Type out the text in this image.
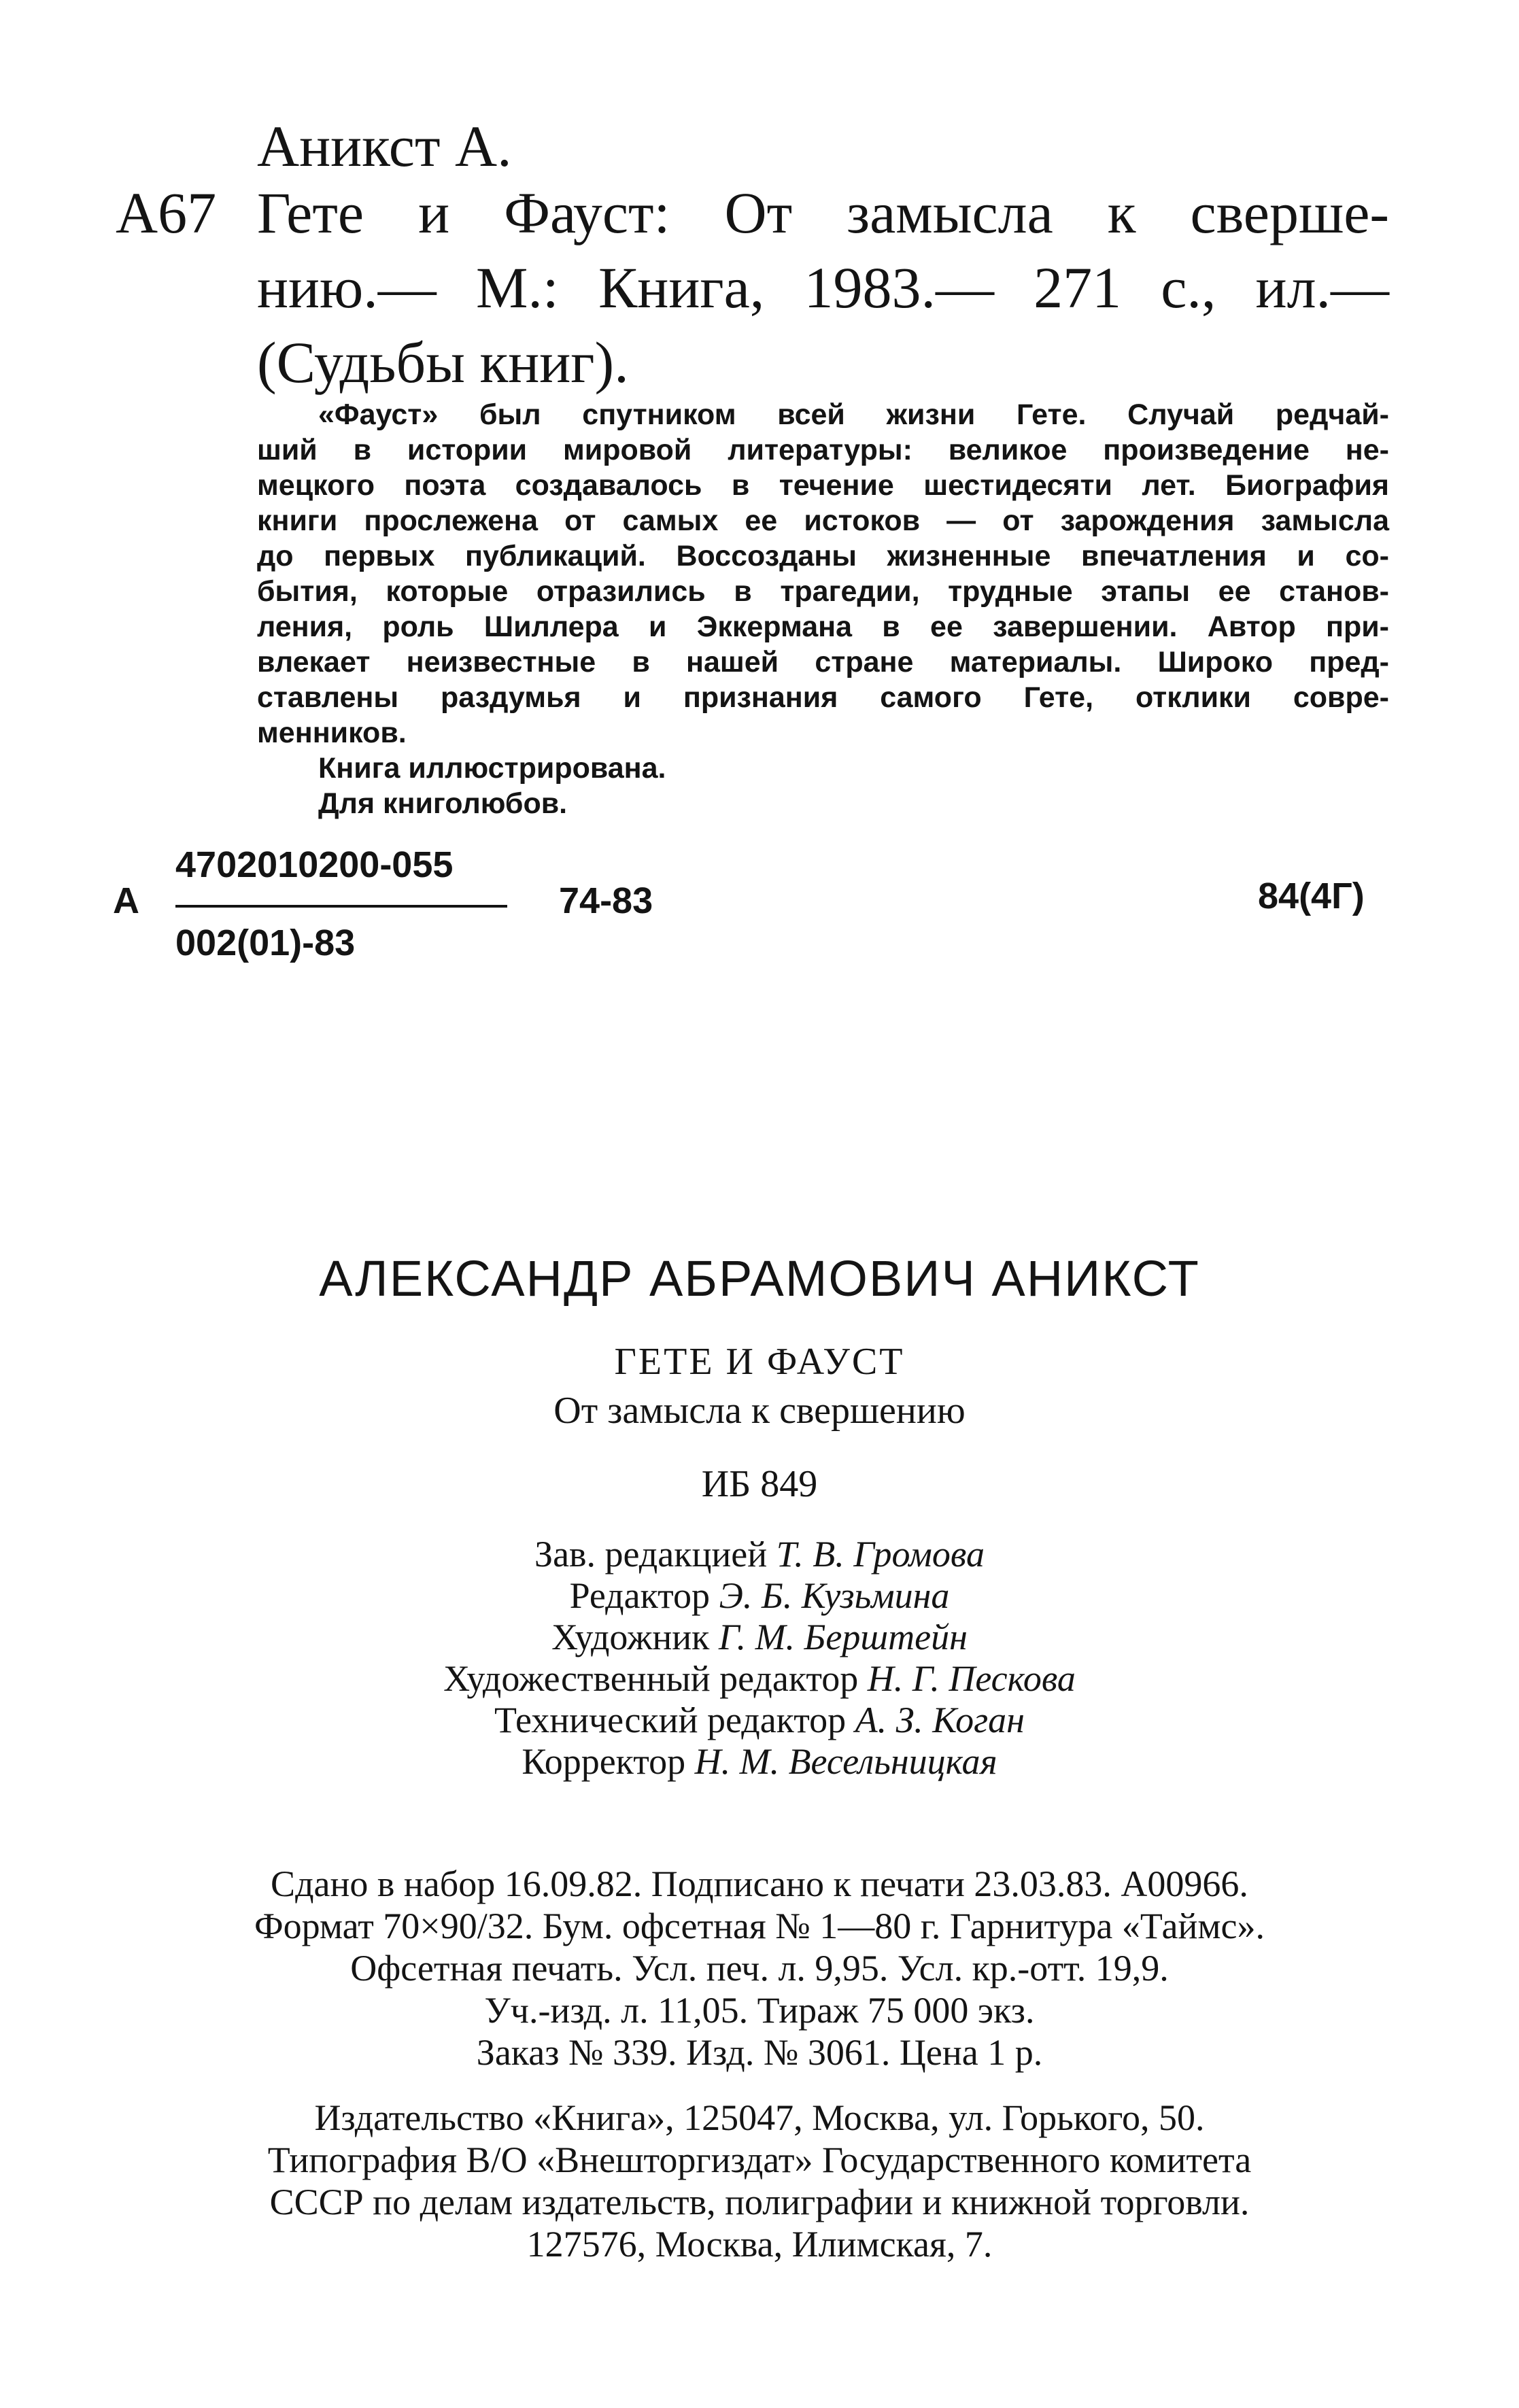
Аникст А.
А67 Гете и Фауст: От замысла к сверше-
нию.— М.: Книга, 1983.— 271 с., ил.—
(Судьбы книг).
«Фауст» был спутником всей жизни Гете. Случай редчай-
ший в истории мировой литературы: великое произведение не-
мецкого поэта создавалось в течение шестидесяти лет. Биография
книги прослежена от самых ее истоков — от зарождения замысла
до первых публикаций. Воссозданы жизненные впечатления и со-
бытия, которые отразились в трагедии, трудные этапы ее станов-
ления, роль Шиллера и Эккермана в ее завершении. Автор при-
влекает неизвестные в нашей стране материалы. Широко пред-
ставлены раздумья и признания самого Гете, отклики совре-
менников.
Книга иллюстрирована.
Для книголюбов.
А
4702010200-055
002(01)-83
74-83	84(4Г)
АЛЕКСАНДР АБРАМОВИЧ АНИКСТ
ГЕТЕ И ФАУСТ
От замысла к свершению
ИБ 849
Зав. редакцией Т. В. Громова
Редактор Э. Б. Кузьмина
Художник Г. М. Берштейн
Художественный редактор Н. Г. Пескова
Технический редактор А. З. Коган
Корректор Н. М. Весельницкая
Сдано в набор 16.09.82. Подписано к печати 23.03.83. А00966.
Формат 70×90/32. Бум. офсетная № 1—80 г. Гарнитура «Таймс».
Офсетная печать. Усл. печ. л. 9,95. Усл. кр.-отт. 19,9.
Уч.-изд. л. 11,05. Тираж 75 000 экз.
Заказ № 339. Изд. № 3061. Цена 1 р.
Издательство «Книга», 125047, Москва, ул. Горького, 50.
Типография В/О «Внешторгиздат» Государственного комитета
СССР по делам издательств, полиграфии и книжной торговли.
127576, Москва, Илимская, 7.
